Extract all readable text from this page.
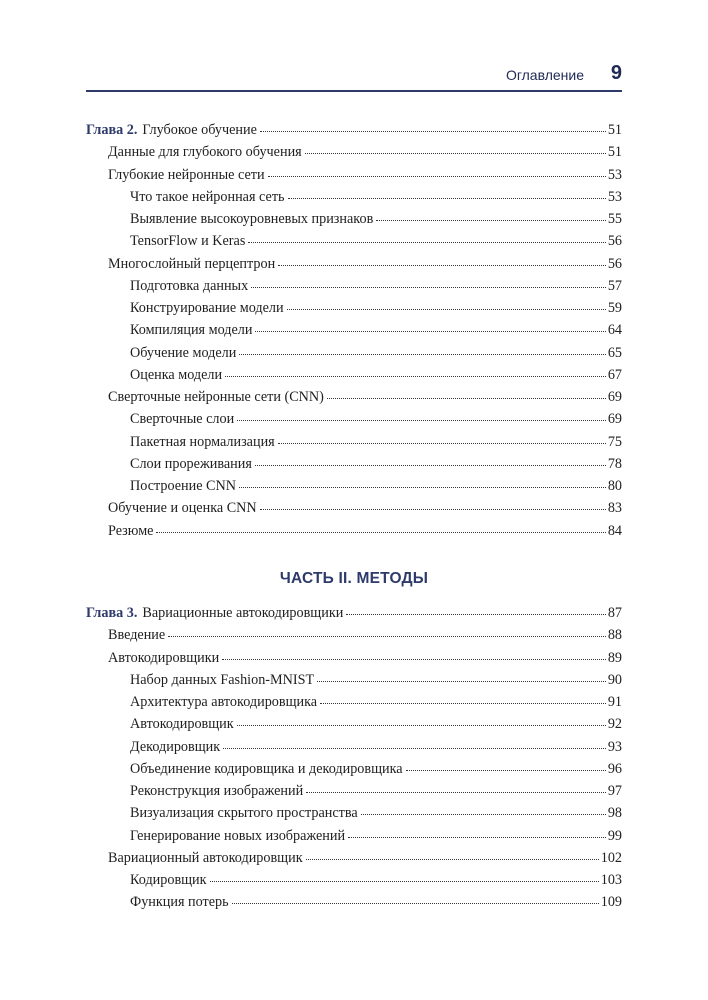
Оглавление 9
Глава 2. Глубокое обучение	51
Данные для глубокого обучения	51
Глубокие нейронные сети	53
Что такое нейронная сеть	53
Выявление высокоуровневых признаков	55
TensorFlow и Keras	56
Многослойный перцептрон	56
Подготовка данных	57
Конструирование модели	59
Компиляция модели	64
Обучение модели	65
Оценка модели	67
Сверточные нейронные сети (CNN)	69
Сверточные слои	69
Пакетная нормализация	75
Слои прореживания	78
Построение CNN	80
Обучение и оценка CNN	83
Резюме	84
ЧАСТЬ II. МЕТОДЫ
Глава 3. Вариационные автокодировщики	87
Введение	88
Автокодировщики	89
Набор данных Fashion-MNIST	90
Архитектура автокодировщика	91
Автокодировщик	92
Декодировщик	93
Объединение кодировщика и декодировщика	96
Реконструкция изображений	97
Визуализация скрытого пространства	98
Генерирование новых изображений	99
Вариационный автокодировщик	102
Кодировщик	103
Функция потерь	109
